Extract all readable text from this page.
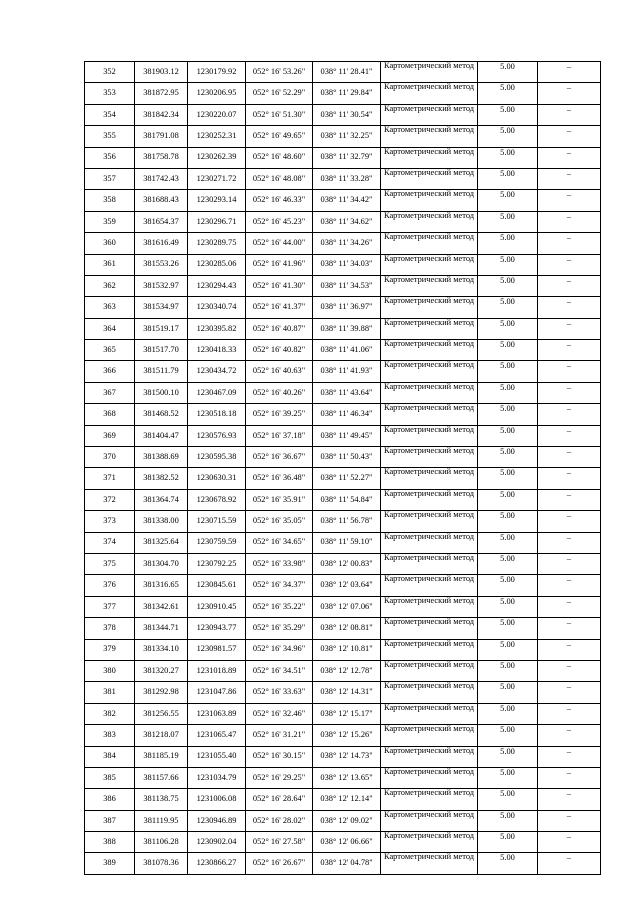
352	381903.12	1230179.92	052° 16' 53.26"	038° 11' 28.41"	Картометрический метод	5.00	–
353	381872.95	1230206.95	052° 16' 52.29"	038° 11' 29.84"	Картометрический метод	5.00	–
354	381842.34	1230220.07	052° 16' 51.30"	038° 11' 30.54"	Картометрический метод	5.00	–
355	381791.08	1230252.31	052° 16' 49.65"	038° 11' 32.25"	Картометрический метод	5.00	–
356	381758.78	1230262.39	052° 16' 48.60"	038° 11' 32.79"	Картометрический метод	5.00	–
357	381742.43	1230271.72	052° 16' 48.08"	038° 11' 33.28"	Картометрический метод	5.00	–
358	381688.43	1230293.14	052° 16' 46.33"	038° 11' 34.42"	Картометрический метод	5.00	–
359	381654.37	1230296.71	052° 16' 45.23"	038° 11' 34.62"	Картометрический метод	5.00	–
360	381616.49	1230289.75	052° 16' 44.00"	038° 11' 34.26"	Картометрический метод	5.00	–
361	381553.26	1230285.06	052° 16' 41.96"	038° 11' 34.03"	Картометрический метод	5.00	–
362	381532.97	1230294.43	052° 16' 41.30"	038° 11' 34.53"	Картометрический метод	5.00	–
363	381534.97	1230340.74	052° 16' 41.37"	038° 11' 36.97"	Картометрический метод	5.00	–
364	381519.17	1230395.82	052° 16' 40.87"	038° 11' 39.88"	Картометрический метод	5.00	–
365	381517.70	1230418.33	052° 16' 40.82"	038° 11' 41.06"	Картометрический метод	5.00	–
366	381511.79	1230434.72	052° 16' 40.63"	038° 11' 41.93"	Картометрический метод	5.00	–
367	381500.10	1230467.09	052° 16' 40.26"	038° 11' 43.64"	Картометрический метод	5.00	–
368	381468.52	1230518.18	052° 16' 39.25"	038° 11' 46.34"	Картометрический метод	5.00	–
369	381404.47	1230576.93	052° 16' 37.18"	038° 11' 49.45"	Картометрический метод	5.00	–
370	381388.69	1230595.38	052° 16' 36.67"	038° 11' 50.43"	Картометрический метод	5.00	–
371	381382.52	1230630.31	052° 16' 36.48"	038° 11' 52.27"	Картометрический метод	5.00	–
372	381364.74	1230678.92	052° 16' 35.91"	038° 11' 54.84"	Картометрический метод	5.00	–
373	381338.00	1230715.59	052° 16' 35.05"	038° 11' 56.78"	Картометрический метод	5.00	–
374	381325.64	1230759.59	052° 16' 34.65"	038° 11' 59.10"	Картометрический метод	5.00	–
375	381304.70	1230792.25	052° 16' 33.98"	038° 12' 00.83"	Картометрический метод	5.00	–
376	381316.65	1230845.61	052° 16' 34.37"	038° 12' 03.64"	Картометрический метод	5.00	–
377	381342.61	1230910.45	052° 16' 35.22"	038° 12' 07.06"	Картометрический метод	5.00	–
378	381344.71	1230943.77	052° 16' 35.29"	038° 12' 08.81"	Картометрический метод	5.00	–
379	381334.10	1230981.57	052° 16' 34.96"	038° 12' 10.81"	Картометрический метод	5.00	–
380	381320.27	1231018.89	052° 16' 34.51"	038° 12' 12.78"	Картометрический метод	5.00	–
381	381292.98	1231047.86	052° 16' 33.63"	038° 12' 14.31"	Картометрический метод	5.00	–
382	381256.55	1231063.89	052° 16' 32.46"	038° 12' 15.17"	Картометрический метод	5.00	–
383	381218.07	1231065.47	052° 16' 31.21"	038° 12' 15.26"	Картометрический метод	5.00	–
384	381185.19	1231055.40	052° 16' 30.15"	038° 12' 14.73"	Картометрический метод	5.00	–
385	381157.66	1231034.79	052° 16' 29.25"	038° 12' 13.65"	Картометрический метод	5.00	–
386	381138.75	1231006.08	052° 16' 28.64"	038° 12' 12.14"	Картометрический метод	5.00	–
387	381119.95	1230946.89	052° 16' 28.02"	038° 12' 09.02"	Картометрический метод	5.00	–
388	381106.28	1230902.04	052° 16' 27.58"	038° 12' 06.66"	Картометрический метод	5.00	–
389	381078.36	1230866.27	052° 16' 26.67"	038° 12' 04.78"	Картометрический метод	5.00	–
